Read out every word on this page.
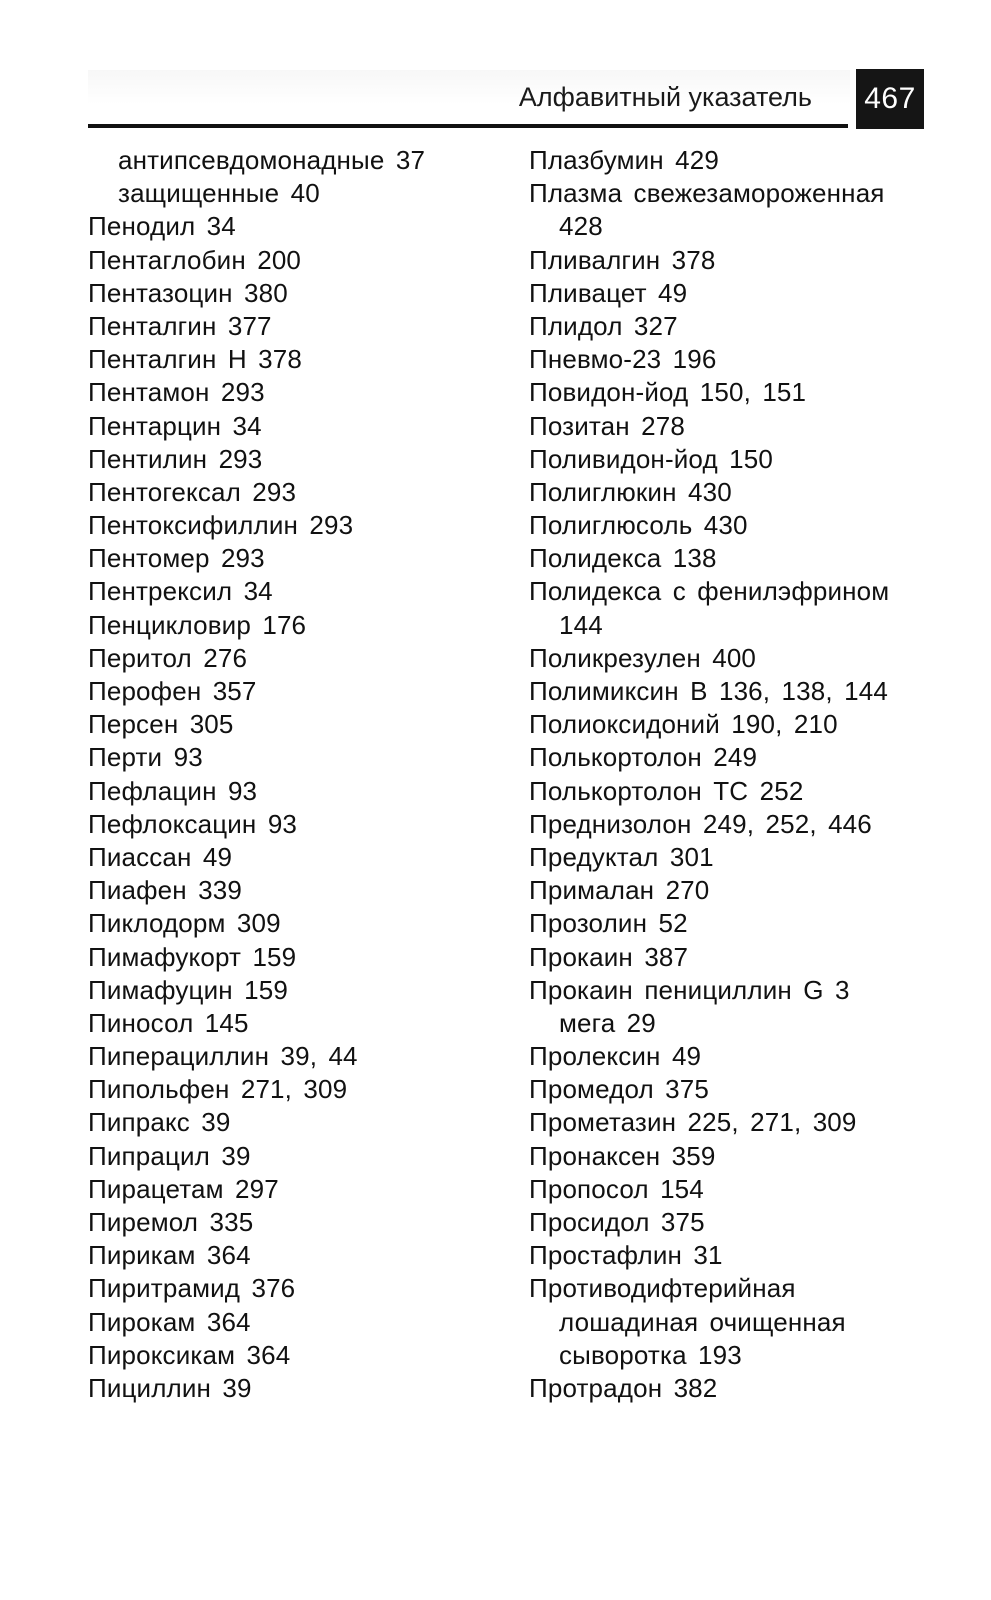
Алфавитный указатель 467
антипсевдомонадные 37
защищенные 40
Пенодил 34
Пентаглобин 200
Пентазоцин 380
Пенталгин 377
Пенталгин Н 378
Пентамон 293
Пентарцин 34
Пентилин 293
Пентогексал 293
Пентоксифиллин 293
Пентомер 293
Пентрексил 34
Пенцикловир 176
Перитол 276
Перофен 357
Персен 305
Перти 93
Пефлацин 93
Пефлоксацин 93
Пиассан 49
Пиафен 339
Пиклодорм 309
Пимафукорт 159
Пимафуцин 159
Пиносол 145
Пиперациллин 39, 44
Пипольфен 271, 309
Пипракс 39
Пипрацил 39
Пирацетам 297
Пиремол 335
Пирикам 364
Пиритрамид 376
Пирокам 364
Пироксикам 364
Пициллин 39
Плазбумин 429
Плазма свежезамороженная
428
Пливалгин 378
Пливацет 49
Плидол 327
Пневмо-23 196
Повидон-йод 150, 151
Позитан 278
Поливидон-йод 150
Полиглюкин 430
Полиглюсоль 430
Полидекса 138
Полидекса с фенилэфрином
144
Поликрезулен 400
Полимиксин В 136, 138, 144
Полиоксидоний 190, 210
Полькортолон 249
Полькортолон ТС 252
Преднизолон 249, 252, 446
Предуктал 301
Прималан 270
Прозолин 52
Прокаин 387
Прокаин пенициллин G 3
мега 29
Пролексин 49
Промедол 375
Прометазин 225, 271, 309
Пронаксен 359
Пропосол 154
Просидол 375
Простафлин 31
Противодифтерийная
лошадиная очищенная
сыворотка 193
Протрадон 382
